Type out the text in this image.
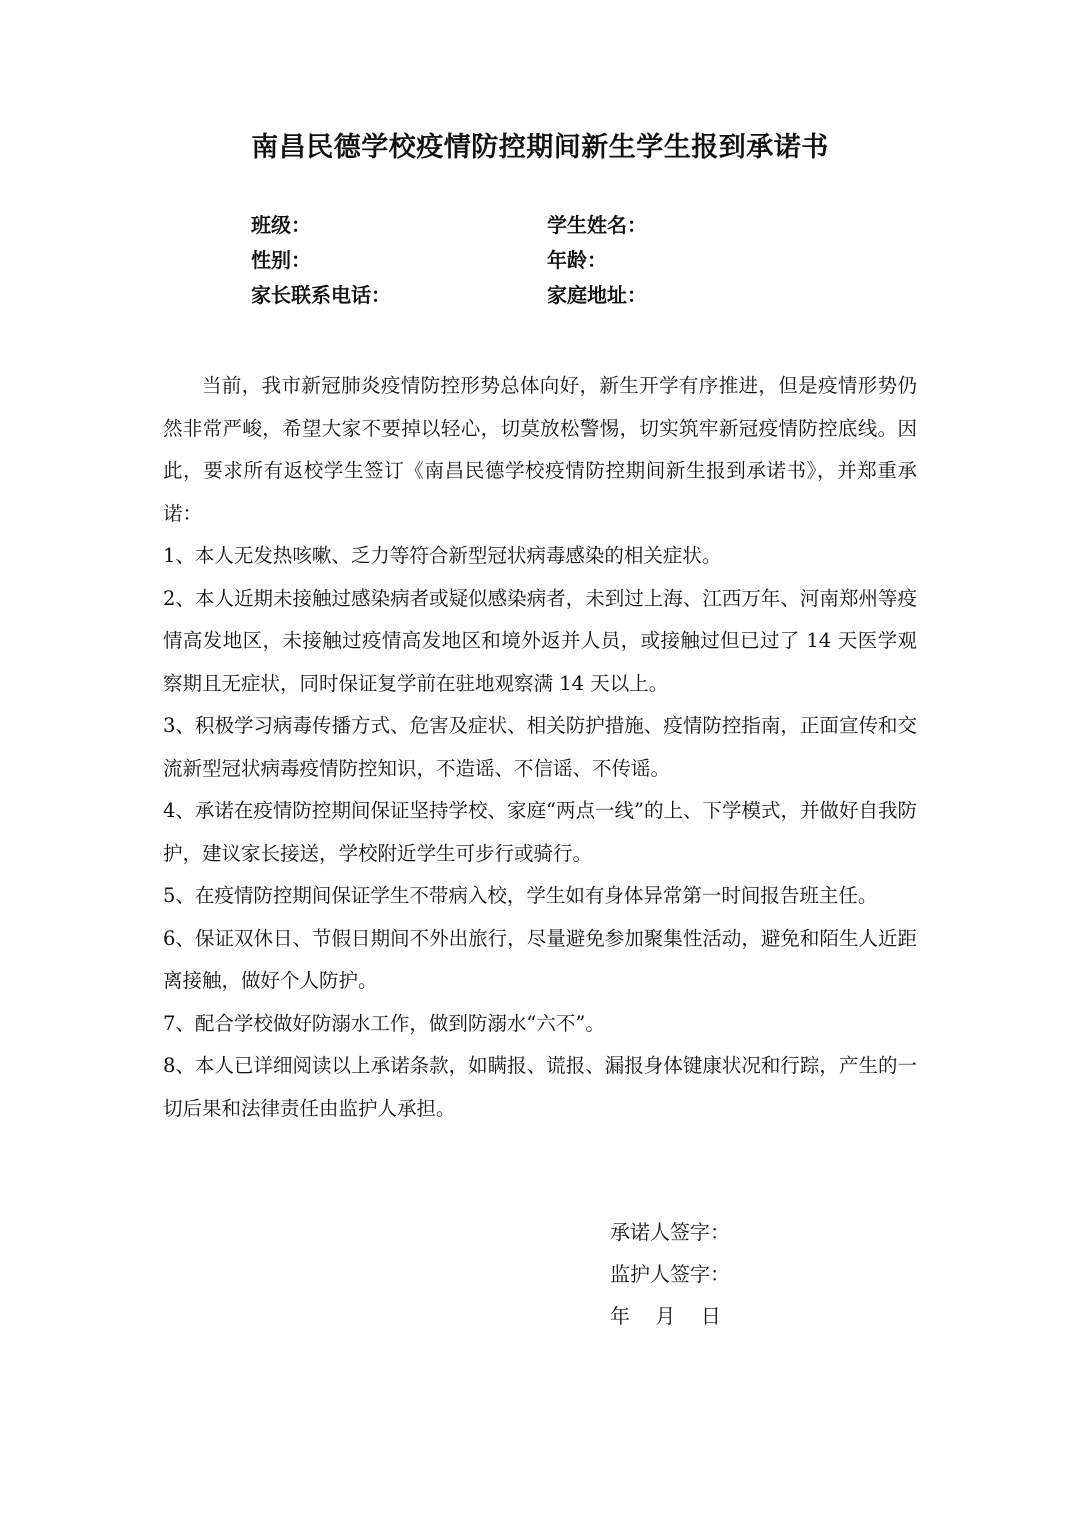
南昌民德学校疫情防控期间新生学生报到承诺书
班级：	学生姓名：
性别：	年龄：
家长联系电话：	家庭地址：

当前，我市新冠肺炎疫情防控形势总体向好，新生开学有序推进，但是疫情形势仍然非常严峻，希望大家不要掉以轻心，切莫放松警惕，切实筑牢新冠疫情防控底线。因此，要求所有返校学生签订《南昌民德学校疫情防控期间新生报到承诺书》，并郑重承诺：

1、本人无发热咳嗽、乏力等符合新型冠状病毒感染的相关症状。

2、本人近期未接触过感染病者或疑似感染病者，未到过上海、江西万年、河南郑州等疫情高发地区，未接触过疫情高发地区和境外返并人员，或接触过但已过了 14 天医学观察期且无症状，同时保证复学前在驻地观察满 14 天以上。

3、积极学习病毒传播方式、危害及症状、相关防护措施、疫情防控指南，正面宣传和交流新型冠状病毒疫情防控知识，不造谣、不信谣、不传谣。

4、承诺在疫情防控期间保证坚持学校、家庭“两点一线”的上、下学模式，并做好自我防护，建议家长接送，学校附近学生可步行或骑行。

5、在疫情防控期间保证学生不带病入校，学生如有身体异常第一时间报告班主任。

6、保证双休日、节假日期间不外出旅行，尽量避免参加聚集性活动，避免和陌生人近距离接触，做好个人防护。

7、配合学校做好防溺水工作，做到防溺水“六不”。

8、本人已详细阅读以上承诺条款，如瞒报、谎报、漏报身体键康状况和行踪，产生的一切后果和法律责任由监护人承担。

承诺人签字：
监护人签字：
年    月    日
